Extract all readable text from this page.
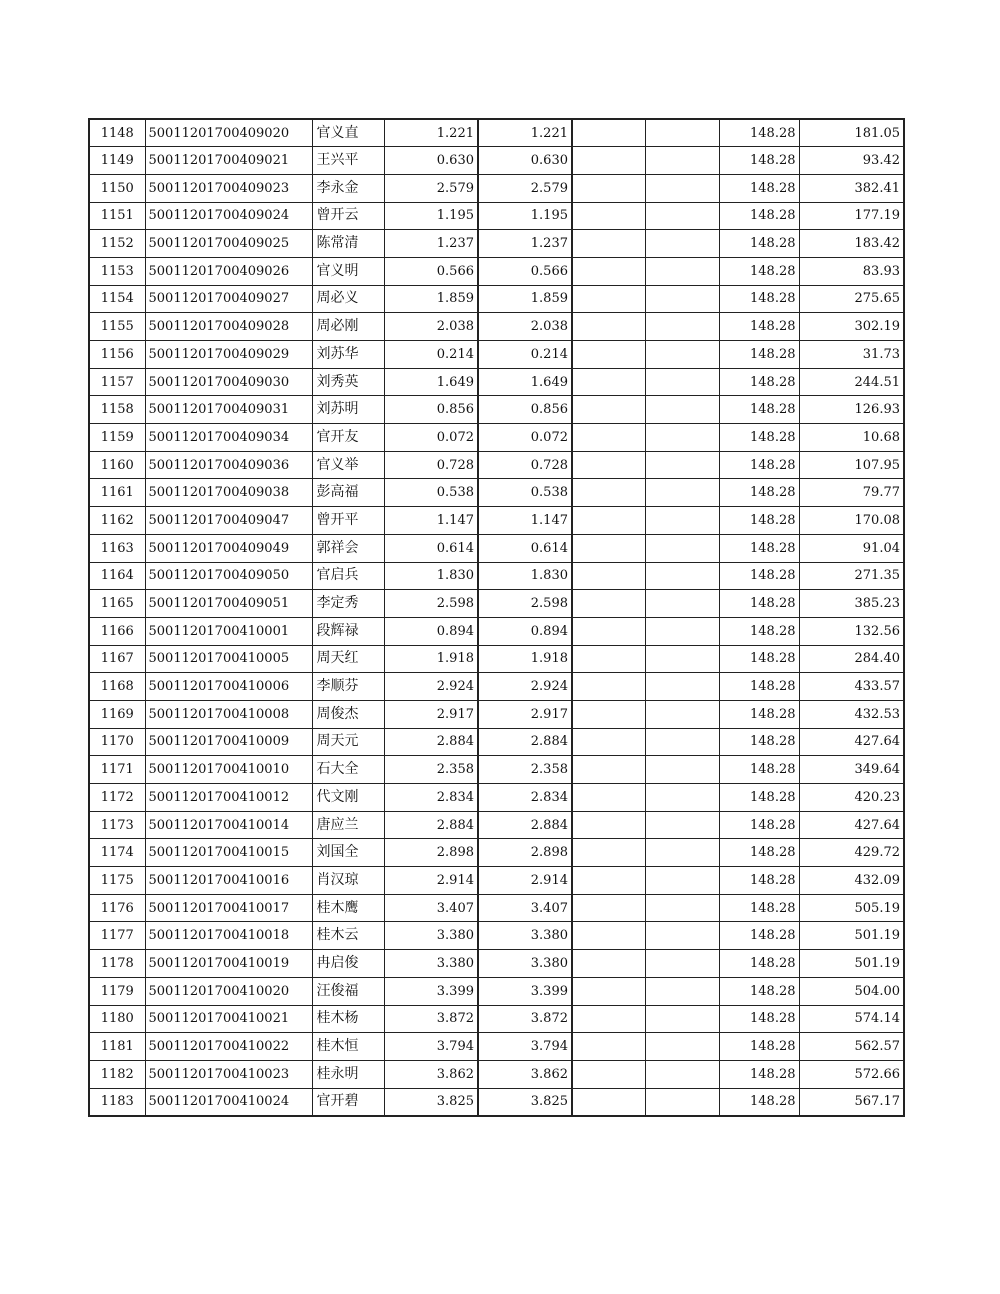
1148	50011201700409020	官义直	1.221	1.221			148.28	181.05
1149	50011201700409021	王兴平	0.630	0.630			148.28	93.42
1150	50011201700409023	李永金	2.579	2.579			148.28	382.41
1151	50011201700409024	曾开云	1.195	1.195			148.28	177.19
1152	50011201700409025	陈常清	1.237	1.237			148.28	183.42
1153	50011201700409026	官义明	0.566	0.566			148.28	83.93
1154	50011201700409027	周必义	1.859	1.859			148.28	275.65
1155	50011201700409028	周必刚	2.038	2.038			148.28	302.19
1156	50011201700409029	刘苏华	0.214	0.214			148.28	31.73
1157	50011201700409030	刘秀英	1.649	1.649			148.28	244.51
1158	50011201700409031	刘苏明	0.856	0.856			148.28	126.93
1159	50011201700409034	官开友	0.072	0.072			148.28	10.68
1160	50011201700409036	官义举	0.728	0.728			148.28	107.95
1161	50011201700409038	彭高福	0.538	0.538			148.28	79.77
1162	50011201700409047	曾开平	1.147	1.147			148.28	170.08
1163	50011201700409049	郭祥会	0.614	0.614			148.28	91.04
1164	50011201700409050	官启兵	1.830	1.830			148.28	271.35
1165	50011201700409051	李定秀	2.598	2.598			148.28	385.23
1166	50011201700410001	段辉禄	0.894	0.894			148.28	132.56
1167	50011201700410005	周天红	1.918	1.918			148.28	284.40
1168	50011201700410006	李顺芬	2.924	2.924			148.28	433.57
1169	50011201700410008	周俊杰	2.917	2.917			148.28	432.53
1170	50011201700410009	周天元	2.884	2.884			148.28	427.64
1171	50011201700410010	石大全	2.358	2.358			148.28	349.64
1172	50011201700410012	代文刚	2.834	2.834			148.28	420.23
1173	50011201700410014	唐应兰	2.884	2.884			148.28	427.64
1174	50011201700410015	刘国全	2.898	2.898			148.28	429.72
1175	50011201700410016	肖汉琼	2.914	2.914			148.28	432.09
1176	50011201700410017	桂木鹰	3.407	3.407			148.28	505.19
1177	50011201700410018	桂木云	3.380	3.380			148.28	501.19
1178	50011201700410019	冉启俊	3.380	3.380			148.28	501.19
1179	50011201700410020	汪俊福	3.399	3.399			148.28	504.00
1180	50011201700410021	桂木杨	3.872	3.872			148.28	574.14
1181	50011201700410022	桂木恒	3.794	3.794			148.28	562.57
1182	50011201700410023	桂永明	3.862	3.862			148.28	572.66
1183	50011201700410024	官开碧	3.825	3.825			148.28	567.17
